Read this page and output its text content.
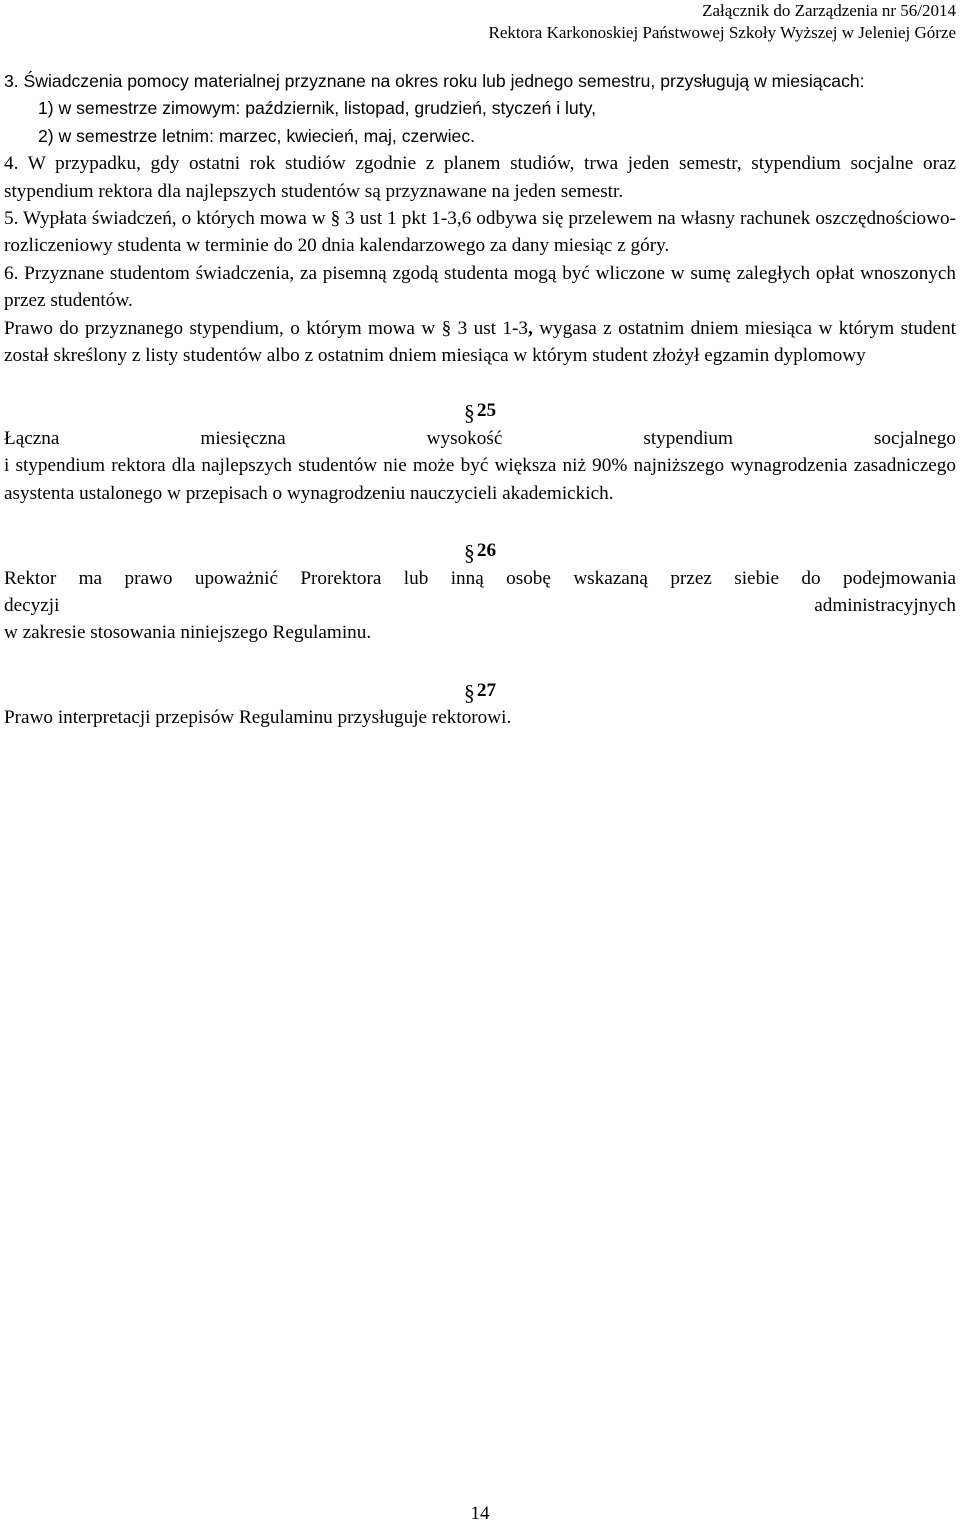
Załącznik do Zarządzenia nr 56/2014
Rektora Karkonoskiej Państwowej Szkoły Wyższej w Jeleniej Górze

3. Świadczenia pomocy materialnej przyznane na okres roku lub jednego semestru, przysługują w miesiącach:

1) w semestrze zimowym: październik, listopad, grudzień, styczeń i luty,

2) w semestrze letnim: marzec, kwiecień, maj, czerwiec.

4. W przypadku, gdy ostatni rok studiów zgodnie z planem studiów, trwa jeden semestr, stypendium socjalne oraz stypendium rektora dla najlepszych studentów są przyznawane na jeden semestr.

5. Wypłata świadczeń, o których mowa w § 3 ust 1 pkt 1-3,6 odbywa się przelewem na własny rachunek oszczędnościowo-rozliczeniowy studenta w terminie do 20 dnia kalendarzowego za dany miesiąc z góry.

6. Przyznane studentom świadczenia, za pisemną zgodą studenta mogą być wliczone w sumę zaległych opłat wnoszonych przez studentów.

Prawo do przyznanego stypendium, o którym mowa w § 3 ust 1-3, wygasa z ostatnim dniem miesiąca w którym student został skreślony z listy studentów albo z ostatnim dniem miesiąca w którym student złożył egzamin dyplomowy

§ 25

Łączna miesięczna wysokość stypendium socjalnego

i stypendium rektora dla najlepszych studentów nie może być większa niż 90% najniższego wynagrodzenia zasadniczego asystenta ustalonego w przepisach o wynagrodzeniu nauczycieli akademickich.

§ 26

Rektor ma prawo upoważnić Prorektora lub inną osobę wskazaną przez siebie do podejmowania

decyzji administracyjnych

w zakresie stosowania niniejszego Regulaminu.

§ 27

Prawo interpretacji przepisów Regulaminu przysługuje rektorowi.

14
